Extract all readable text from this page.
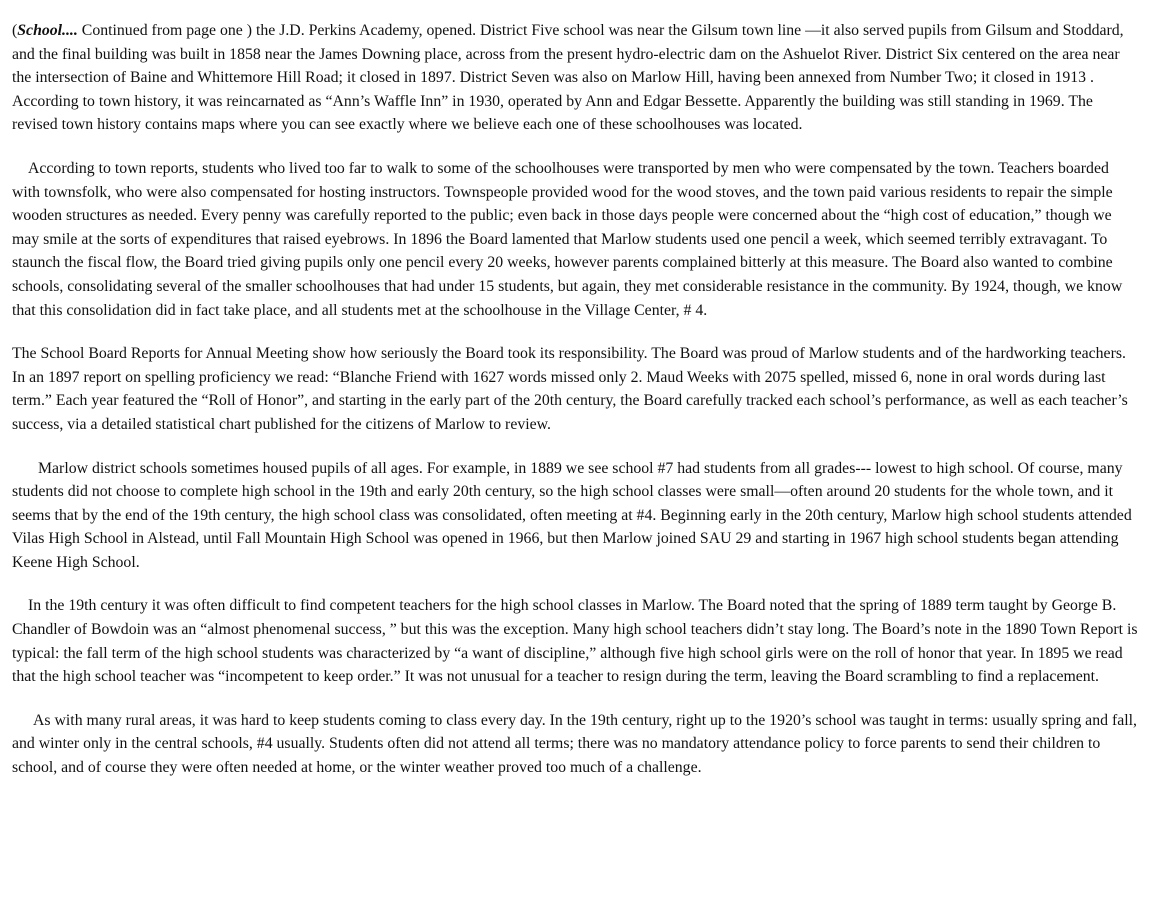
(School.... Continued from page one ) the J.D. Perkins Academy, opened. District Five school was near the Gilsum town line —it also served pupils from Gilsum and Stoddard, and the final building was built in 1858 near the James Downing place, across from the present hydro-electric dam on the Ashuelot River. District Six centered on the area near the intersection of Baine and Whittemore Hill Road; it closed in 1897. District Seven was also on Marlow Hill, having been annexed from Number Two; it closed in 1913 . According to town history, it was reincarnated as “Ann’s Waffle Inn” in 1930, operated by Ann and Edgar Bessette. Apparently the building was still standing in 1969. The revised town history contains maps where you can see exactly where we believe each one of these schoolhouses was located.

According to town reports, students who lived too far to walk to some of the schoolhouses were transported by men who were compensated by the town. Teachers boarded with townsfolk, who were also compensated for hosting instructors. Townspeople provided wood for the wood stoves, and the town paid various residents to repair the simple wooden structures as needed. Every penny was carefully reported to the public; even back in those days people were concerned about the “high cost of education,” though we may smile at the sorts of expenditures that raised eyebrows. In 1896 the Board lamented that Marlow students used one pencil a week, which seemed terribly extravagant. To staunch the fiscal flow, the Board tried giving pupils only one pencil every 20 weeks, however parents complained bitterly at this measure. The Board also wanted to combine schools, consolidating several of the smaller schoolhouses that had under 15 students, but again, they met considerable resistance in the community. By 1924, though, we know that this consolidation did in fact take place, and all students met at the schoolhouse in the Village Center, # 4.

The School Board Reports for Annual Meeting show how seriously the Board took its responsibility. The Board was proud of Marlow students and of the hardworking teachers. In an 1897 report on spelling proficiency we read: “Blanche Friend with 1627 words missed only 2. Maud Weeks with 2075 spelled, missed 6, none in oral words during last term.” Each year featured the “Roll of Honor”, and starting in the early part of the 20th century, the Board carefully tracked each school’s performance, as well as each teacher’s success, via a detailed statistical chart published for the citizens of Marlow to review.

Marlow district schools sometimes housed pupils of all ages. For example, in 1889 we see school #7 had students from all grades--- lowest to high school. Of course, many students did not choose to complete high school in the 19th and early 20th century, so the high school classes were small—often around 20 students for the whole town, and it seems that by the end of the 19th century, the high school class was consolidated, often meeting at #4. Beginning early in the 20th century, Marlow high school students attended Vilas High School in Alstead, until Fall Mountain High School was opened in 1966, but then Marlow joined SAU 29 and starting in 1967 high school students began attending Keene High School.

In the 19th century it was often difficult to find competent teachers for the high school classes in Marlow. The Board noted that the spring of 1889 term taught by George B. Chandler of Bowdoin was an “almost phenomenal success, ” but this was the exception. Many high school teachers didn’t stay long. The Board’s note in the 1890 Town Report is typical: the fall term of the high school students was characterized by “a want of discipline,” although five high school girls were on the roll of honor that year. In 1895 we read that the high school teacher was “incompetent to keep order.” It was not unusual for a teacher to resign during the term, leaving the Board scrambling to find a replacement.

As with many rural areas, it was hard to keep students coming to class every day. In the 19th century, right up to the 1920’s school was taught in terms: usually spring and fall, and winter only in the central schools, #4 usually. Students often did not attend all terms; there was no mandatory attendance policy to force parents to send their children to school, and of course they were often needed at home, or the winter weather proved too much of a challenge.
